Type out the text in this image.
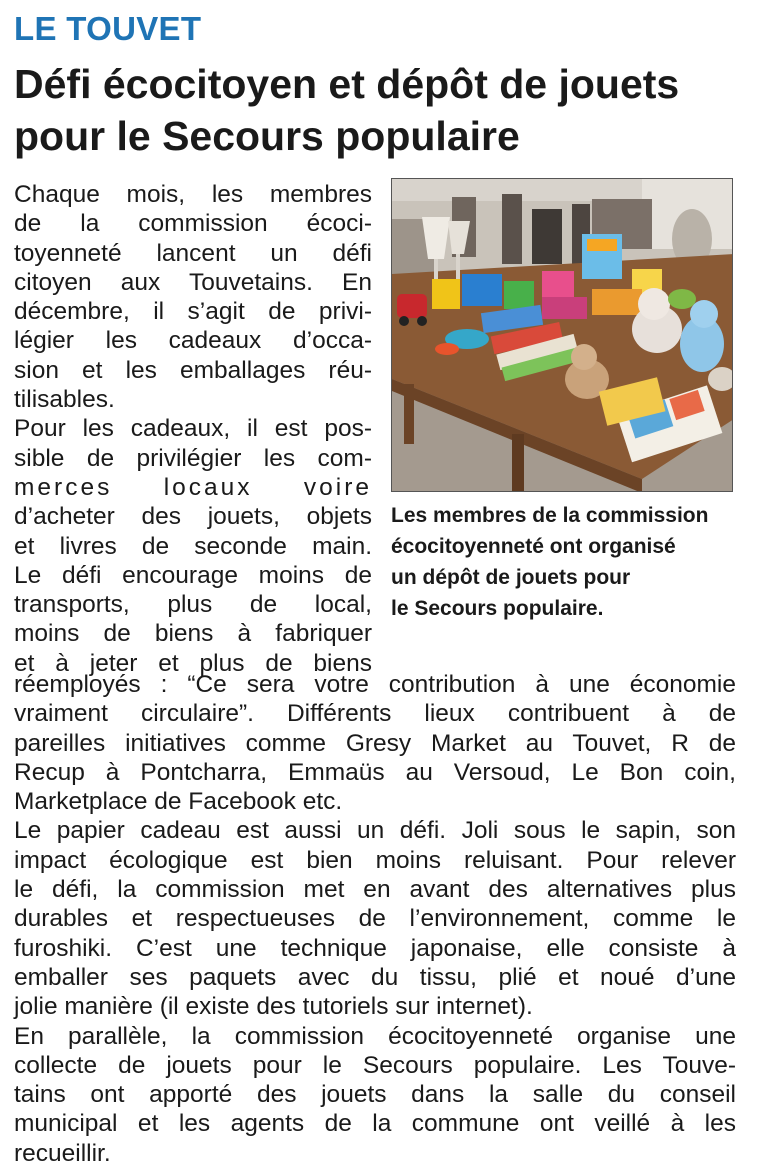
LE TOUVET
Défi écocitoyen et dépôt de jouets
pour le Secours populaire
Chaque mois, les membres
de la commission écoci-
toyenneté lancent un défi
citoyen aux Touvetains. En
décembre, il s’agit de privi-
légier les cadeaux d’occa-
sion et les emballages réu-
tilisables.
Pour les cadeaux, il est pos-
sible de privilégier les com-
merces locaux voire
d’acheter des jouets, objets
et livres de seconde main.
Le défi encourage moins de
transports, plus de local,
moins de biens à fabriquer
et à jeter et plus de biens
Les membres de la commission
écocitoyenneté ont organisé
un dépôt de jouets pour
le Secours populaire.
réemployés : “Ce sera votre contribution à une économie
vraiment circulaire”. Différents lieux contribuent à de
pareilles initiatives comme Gresy Market au Touvet, R de
Recup à Pontcharra, Emmaüs au Versoud, Le Bon coin,
Marketplace de Facebook etc.
Le papier cadeau est aussi un défi. Joli sous le sapin, son
impact écologique est bien moins reluisant. Pour relever
le défi, la commission met en avant des alternatives plus
durables et respectueuses de l’environnement, comme le
furoshiki. C’est une technique japonaise, elle consiste à
emballer ses paquets avec du tissu, plié et noué d’une
jolie manière (il existe des tutoriels sur internet).
En parallèle, la commission écocitoyenneté organise une
collecte de jouets pour le Secours populaire. Les Touve-
tains ont apporté des jouets dans la salle du conseil
municipal et les agents de la commune ont veillé à les
recueillir.
